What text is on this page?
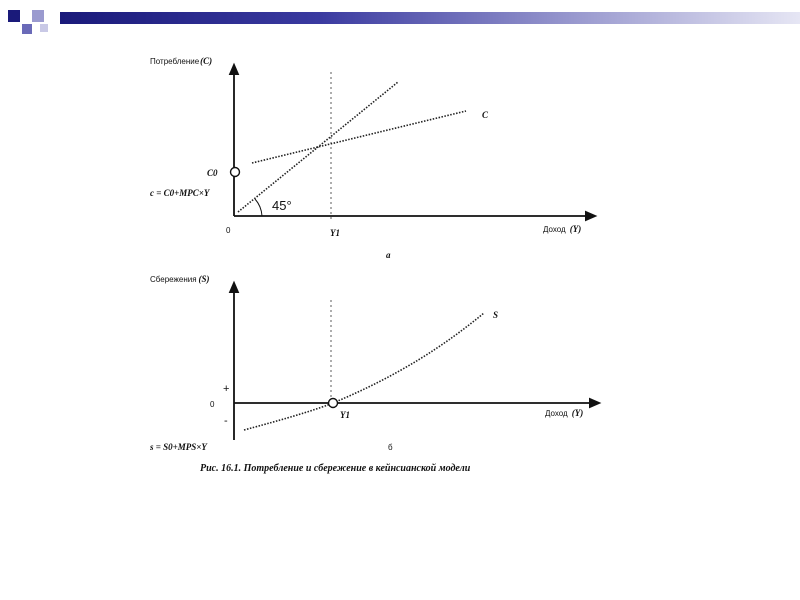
Потребление(C)
Доход (Y)
0	Y1
C0
c = C0+MPC×Y
45°
C
a
Сбережения (S)
Доход (Y)
0
+
-	Y1
s = S0+MPS×Y
S
б
Рис. 16.1. Потребление и сбережение в кейнсианской модели
